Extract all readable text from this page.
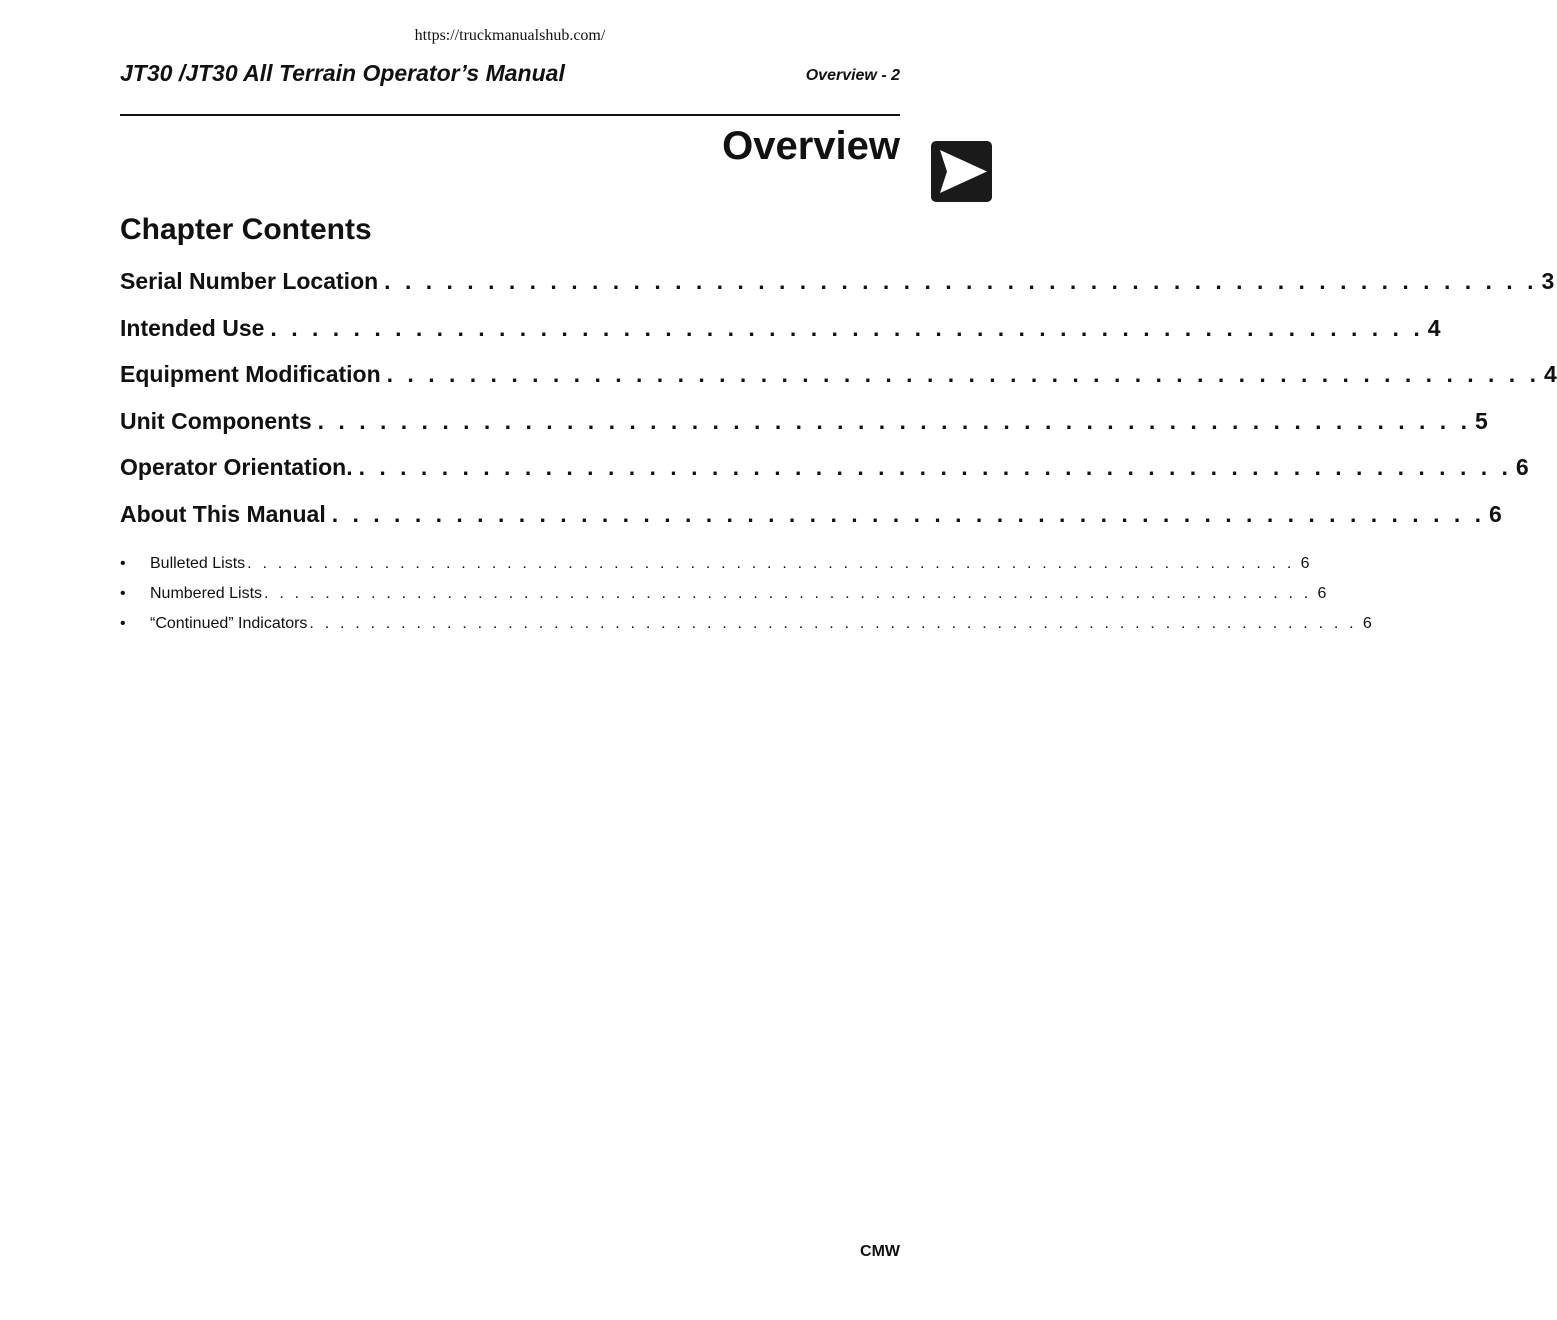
https://truckmanualshub.com/
JT30 /JT30 All Terrain Operator’s Manual	Overview - 2
Overview
Chapter Contents
Serial Number Location . . . . . . . . . . . . . . . . . . . . . . . . . . . . . . . . . . . . . . . . . . . . . . . . . . . . . . . . 3
Intended Use . . . . . . . . . . . . . . . . . . . . . . . . . . . . . . . . . . . . . . . . . . . . . . . . . . . . . . . . 4
Equipment Modification . . . . . . . . . . . . . . . . . . . . . . . . . . . . . . . . . . . . . . . . . . . . . . . . . . . . . . . . 4
Unit Components . . . . . . . . . . . . . . . . . . . . . . . . . . . . . . . . . . . . . . . . . . . . . . . . . . . . . . . . 5
Operator Orientation. . . . . . . . . . . . . . . . . . . . . . . . . . . . . . . . . . . . . . . . . . . . . . . . . . . . . . . . . 6
About This Manual . . . . . . . . . . . . . . . . . . . . . . . . . . . . . . . . . . . . . . . . . . . . . . . . . . . . . . . . 6
•	Bulleted Lists . . . . . . . . . . . . . . . . . . . . . . . . . . . . . . . . . . . . . . . . . . . . . . . . . . . . . . . . . . . . . . . . . . . . . 6
•	Numbered Lists . . . . . . . . . . . . . . . . . . . . . . . . . . . . . . . . . . . . . . . . . . . . . . . . . . . . . . . . . . . . . . . . . . . . . 6
•	“Continued” Indicators . . . . . . . . . . . . . . . . . . . . . . . . . . . . . . . . . . . . . . . . . . . . . . . . . . . . . . . . . . . . . . . . . . . . . 6
CMW
